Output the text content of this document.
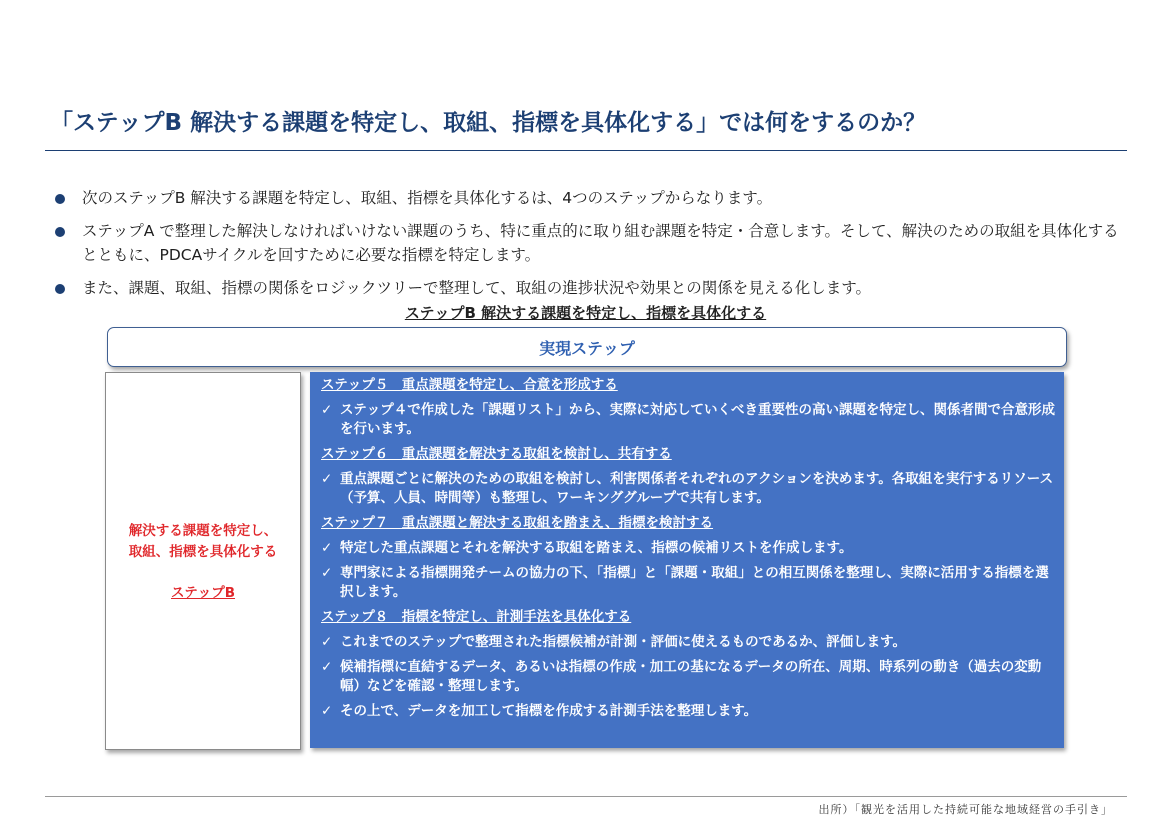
「ステップB 解決する課題を特定し、取組、指標を具体化する」では何をするのか？
次のステップB 解決する課題を特定し、取組、指標を具体化するは、4つのステップからなります。
ステップA で整理した解決しなければいけない課題のうち、特に重点的に取り組む課題を特定・合意します。そして、解決のための取組を具体化するとともに、PDCAサイクルを回すために必要な指標を特定します。
また、課題、取組、指標の関係をロジックツリーで整理して、取組の進捗状況や効果との関係を見える化します。
ステップB 解決する課題を特定し、指標を具体化する
実現ステップ
解決する課題を特定し、
取組、指標を具体化する
ステップB
ステップ５　重点課題を特定し、合意を形成する
✓ ステップ４で作成した「課題リスト」から、実際に対応していくべき重要性の高い課題を特定し、関係者間で合意形成を行います。
ステップ６　重点課題を解決する取組を検討し、共有する
✓ 重点課題ごとに解決のための取組を検討し、利害関係者それぞれのアクションを決めます。各取組を実行するリソース（予算、人員、時間等）も整理し、ワーキンググループで共有します。
ステップ７　重点課題と解決する取組を踏まえ、指標を検討する
✓ 特定した重点課題とそれを解決する取組を踏まえ、指標の候補リストを作成します。
✓ 専門家による指標開発チームの協力の下、「指標」と「課題・取組」との相互関係を整理し、実際に活用する指標を選択します。
ステップ８　指標を特定し、計測手法を具体化する
✓ これまでのステップで整理された指標候補が計測・評価に使えるものであるか、評価します。
✓ 候補指標に直結するデータ、あるいは指標の作成・加工の基になるデータの所在、周期、時系列の動き（過去の変動幅）などを確認・整理します。
✓ その上で、データを加工して指標を作成する計測手法を整理します。
出所）「観光を活用した持続可能な地域経営の手引き」
